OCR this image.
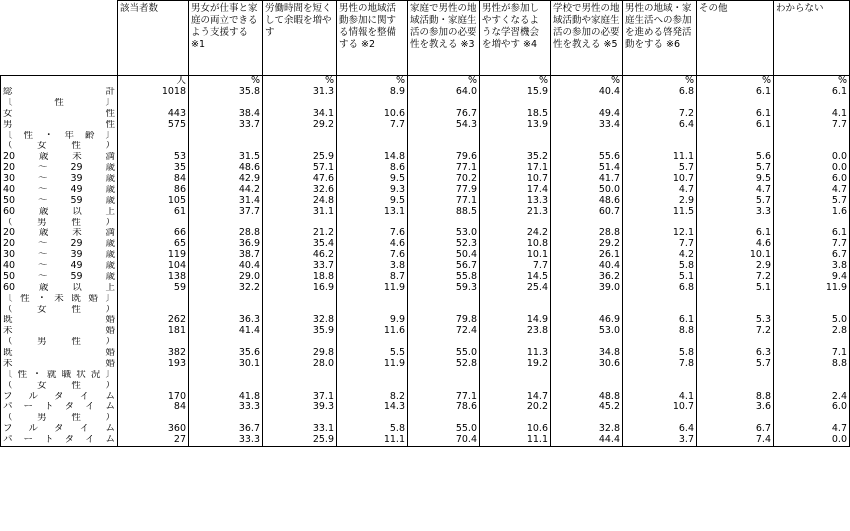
	該当者数	男女が仕事と家庭の両立できるよう支援する ※1	労働時間を短くして余暇を増やす	男性の地域活動参加に関する情報を整備する ※2	家庭で男性の地域活動・家庭生活の参加の必要性を教える ※3	男性が参加しやすくなるような学習機会を増やす ※4	学校で男性の地域活動や家庭生活の参加の必要性を教える ※5	男性の地域・家庭生活への参加を進める啓発活動をする ※6	その他	わからない
	人	%	%	%	%	%	%	%	%	%
総計	1018	35.8	31.3	8.9	64.0	15.9	40.4	6.8	6.1	6.1
〔性〕										
女性	443	38.4	34.1	10.6	76.7	18.5	49.4	7.2	6.1	4.1
男性	575	33.7	29.2	7.7	54.3	13.9	33.4	6.4	6.1	7.7
〔性・年齢〕										
（女性）										
20歳未満	53	31.5	25.9	14.8	79.6	35.2	55.6	11.1	5.6	0.0
20～29歳	35	48.6	57.1	8.6	77.1	17.1	51.4	5.7	5.7	0.0
30～39歳	84	42.9	47.6	9.5	70.2	10.7	41.7	10.7	9.5	6.0
40～49歳	86	44.2	32.6	9.3	77.9	17.4	50.0	4.7	4.7	4.7
50～59歳	105	31.4	24.8	9.5	77.1	13.3	48.6	2.9	5.7	5.7
60歳以上	61	37.7	31.1	13.1	88.5	21.3	60.7	11.5	3.3	1.6
（男性）										
20歳未満	66	28.8	21.2	7.6	53.0	24.2	28.8	12.1	6.1	6.1
20～29歳	65	36.9	35.4	4.6	52.3	10.8	29.2	7.7	4.6	7.7
30～39歳	119	38.7	46.2	7.6	50.4	10.1	26.1	4.2	10.1	6.7
40～49歳	104	40.4	33.7	3.8	56.7	7.7	40.4	5.8	2.9	3.8
50～59歳	138	29.0	18.8	8.7	55.8	14.5	36.2	5.1	7.2	9.4
60歳以上	59	32.2	16.9	11.9	59.3	25.4	39.0	6.8	5.1	11.9
〔性・未既婚〕										
（女性）										
既婚	262	36.3	32.8	9.9	79.8	14.9	46.9	6.1	5.3	5.0
未婚	181	41.4	35.9	11.6	72.4	23.8	53.0	8.8	7.2	2.8
（男性）										
既婚	382	35.6	29.8	5.5	55.0	11.3	34.8	5.8	6.3	7.1
未婚	193	30.1	28.0	11.9	52.8	19.2	30.6	7.8	5.7	8.8
〔性・就職状況〕										
（女性）										
フルタイム	170	41.8	37.1	8.2	77.1	14.7	48.8	4.1	8.8	2.4
パートタイム	84	33.3	39.3	14.3	78.6	20.2	45.2	10.7	3.6	6.0
（男性）										
フルタイム	360	36.7	33.1	5.8	55.0	10.6	32.8	6.4	6.7	4.7
パートタイム	27	33.3	25.9	11.1	70.4	11.1	44.4	3.7	7.4	0.0
